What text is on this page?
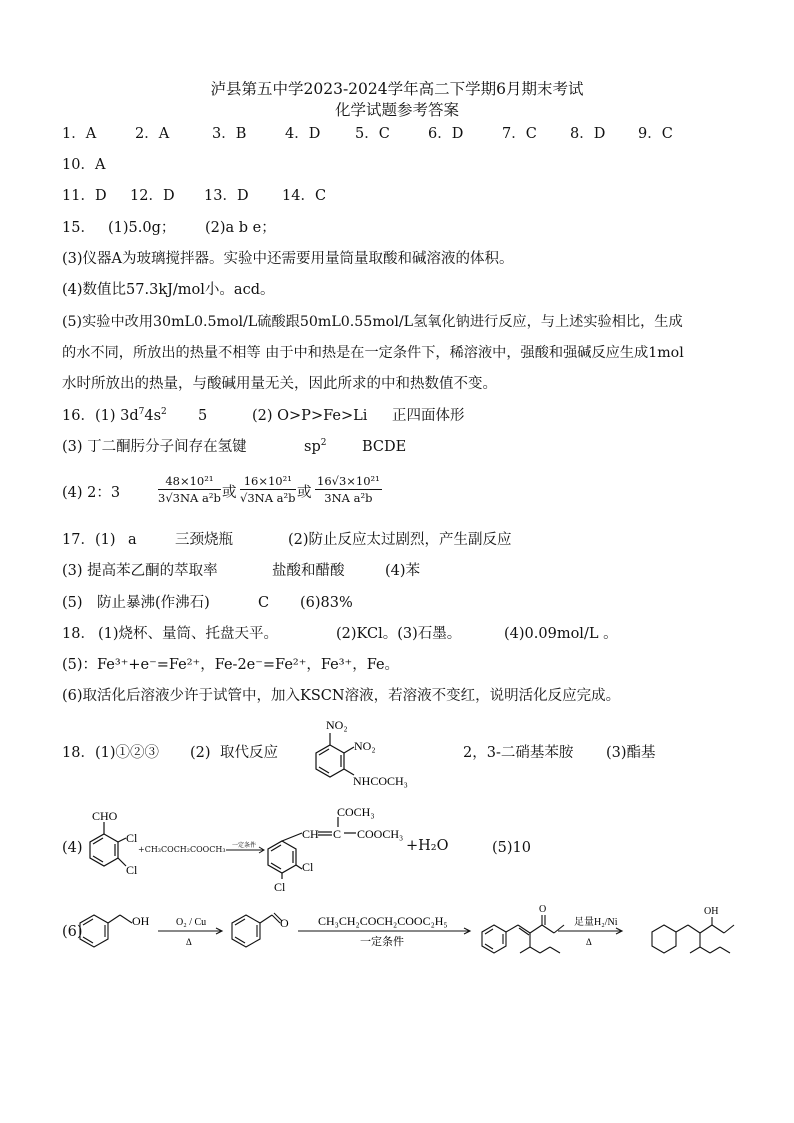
泸县第五中学2023-2024学年高二下学期6月期末考试
化学试题参考答案
1．A	2．A	3．B	4．D 5．C	6．D	7．C 8．D 9．C
10．A
11．D 12．D 13．D 14．C
15． (1)5.0g； (2)a b e；
(3)仪器A为玻璃搅拌器。实验中还需要用量筒量取酸和碱溶液的体积。
(4)数值比57.3kJ/mol小。acd。
(5)实验中改用30mL0.5mol/L硫酸跟50mL0.55mol/L氢氧化钠进行反应，与上述实验相比，生成
的水不同，所放出的热量不相等 由于中和热是在一定条件下，稀溶液中，强酸和强碱反应生成1mol
水时所放出的热量，与酸碱用量无关，因此所求的中和热数值不变。
16．(1) $3d^74s^2$ 5	(2) O>P>Fe>Li 正四面体形
(3) 丁二酮肟分子间存在氢键	$sp^2$ BCDE
(4) 2：3	$\frac{\text{48×10²¹}}{\text{3√3NA a²b}}$ 或 $\frac{\text{16×10²¹}}{\text{√3NA a²b}}$ 或 $\frac{\text{16√3×10²¹}}{\text{3NA a²b}}$
17．(1) a	三颈烧瓶	(2)防止反应太过剧烈，产生副反应
(3) 提高苯乙酮的萃取率	盐酸和醋酸	(4)苯
(5) 防止暴沸(作沸石)	C (6)83%
18． (1)烧杯、量筒、托盘天平。	(2)KCl。(3)石墨。	(4)0.09mol/L 。
(5)：Fe³⁺+e⁻=Fe²⁺，Fe-2e⁻=Fe²⁺，Fe³⁺，Fe。
(6)取活化后溶液少许于试管中，加入KSCN溶液，若溶液不变红，说明活化反应完成。
18．(1)①②③ (2) 取代反应
NO₂
NO₂
NHCOCH₃
2，3-二硝基苯胺 (3)酯基
(4)
CHO
Cl
Cl
+CH₃COCH₂COOCH₃ 一定条件
COCH₃
CH C COOCH₃
Cl
Cl
+H₂O	(5)10
(6)
OH	O₂ / Cu
Δ
O CH₃CH₂COCH₂COOC₂H₅
一定条件
O
足量H₂/Ni
Δ
OH
